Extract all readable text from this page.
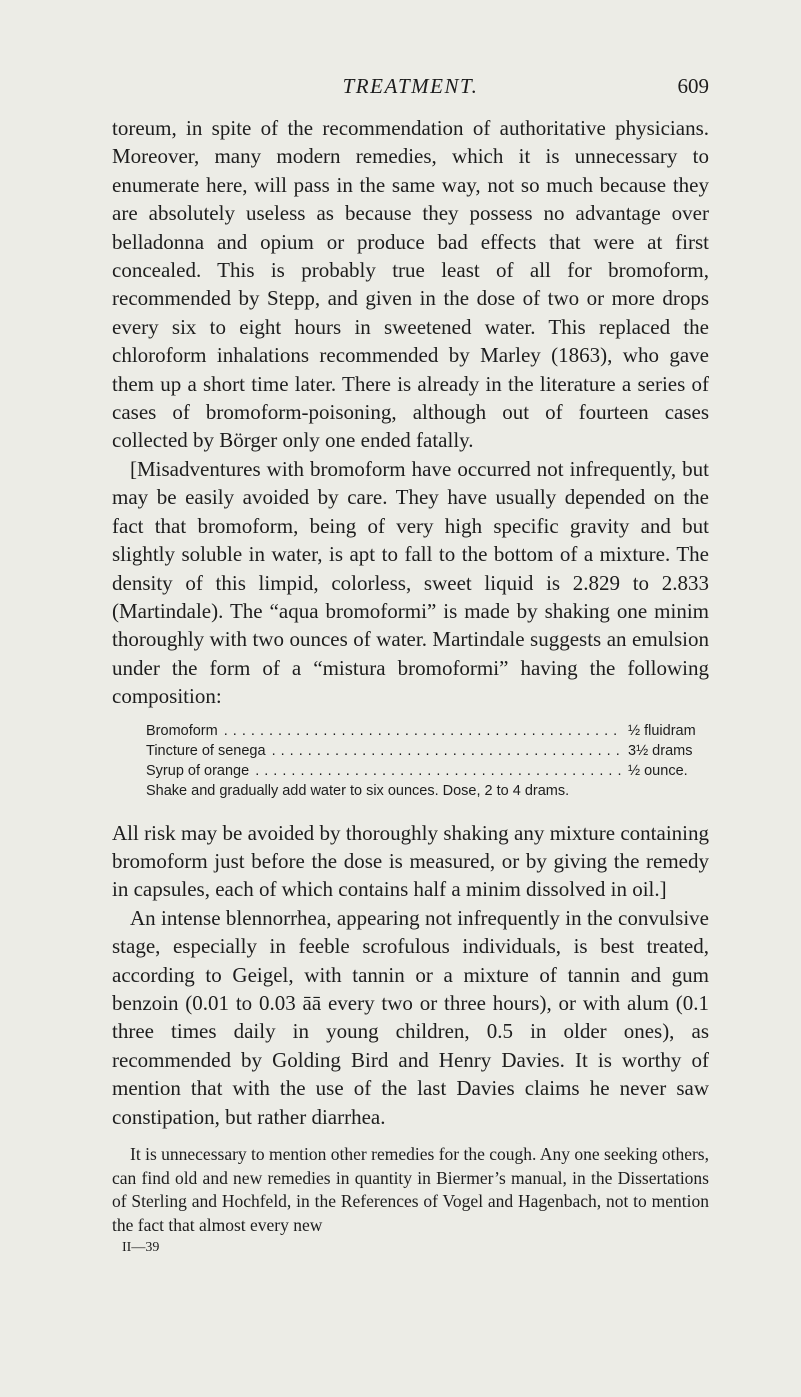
TREATMENT.	609

toreum, in spite of the recommendation of authoritative physicians. Moreover, many modern remedies, which it is unnecessary to enumerate here, will pass in the same way, not so much because they are absolutely useless as because they possess no advantage over belladonna and opium or produce bad effects that were at first concealed. This is probably true least of all for bromoform, recommended by Stepp, and given in the dose of two or more drops every six to eight hours in sweetened water. This replaced the chloroform inhalations recommended by Marley (1863), who gave them up a short time later. There is already in the literature a series of cases of bromoform-poisoning, although out of fourteen cases collected by Börger only one ended fatally.

[Misadventures with bromoform have occurred not infrequently, but may be easily avoided by care. They have usually depended on the fact that bromoform, being of very high specific gravity and but slightly soluble in water, is apt to fall to the bottom of a mixture. The density of this limpid, colorless, sweet liquid is 2.829 to 2.833 (Martindale). The “aqua bromoformi” is made by shaking one minim thoroughly with two ounces of water. Martindale suggests an emulsion under the form of a “mistura bromoformi” having the following composition:

Bromoform . . .	½ fluidram
Tincture of senega . . .	3½ drams
Syrup of orange . . .	½ ounce.
Shake and gradually add water to six ounces. Dose, 2 to 4 drams.

All risk may be avoided by thoroughly shaking any mixture containing bromoform just before the dose is measured, or by giving the remedy in capsules, each of which contains half a minim dissolved in oil.]

An intense blennorrhea, appearing not infrequently in the convulsive stage, especially in feeble scrofulous individuals, is best treated, according to Geigel, with tannin or a mixture of tannin and gum benzoin (0.01 to 0.03 āā every two or three hours), or with alum (0.1 three times daily in young children, 0.5 in older ones), as recommended by Golding Bird and Henry Davies. It is worthy of mention that with the use of the last Davies claims he never saw constipation, but rather diarrhea.

It is unnecessary to mention other remedies for the cough. Any one seeking others, can find old and new remedies in quantity in Biermer’s manual, in the Dissertations of Sterling and Hochfeld, in the References of Vogel and Hagenbach, not to mention the fact that almost every new

II—39
